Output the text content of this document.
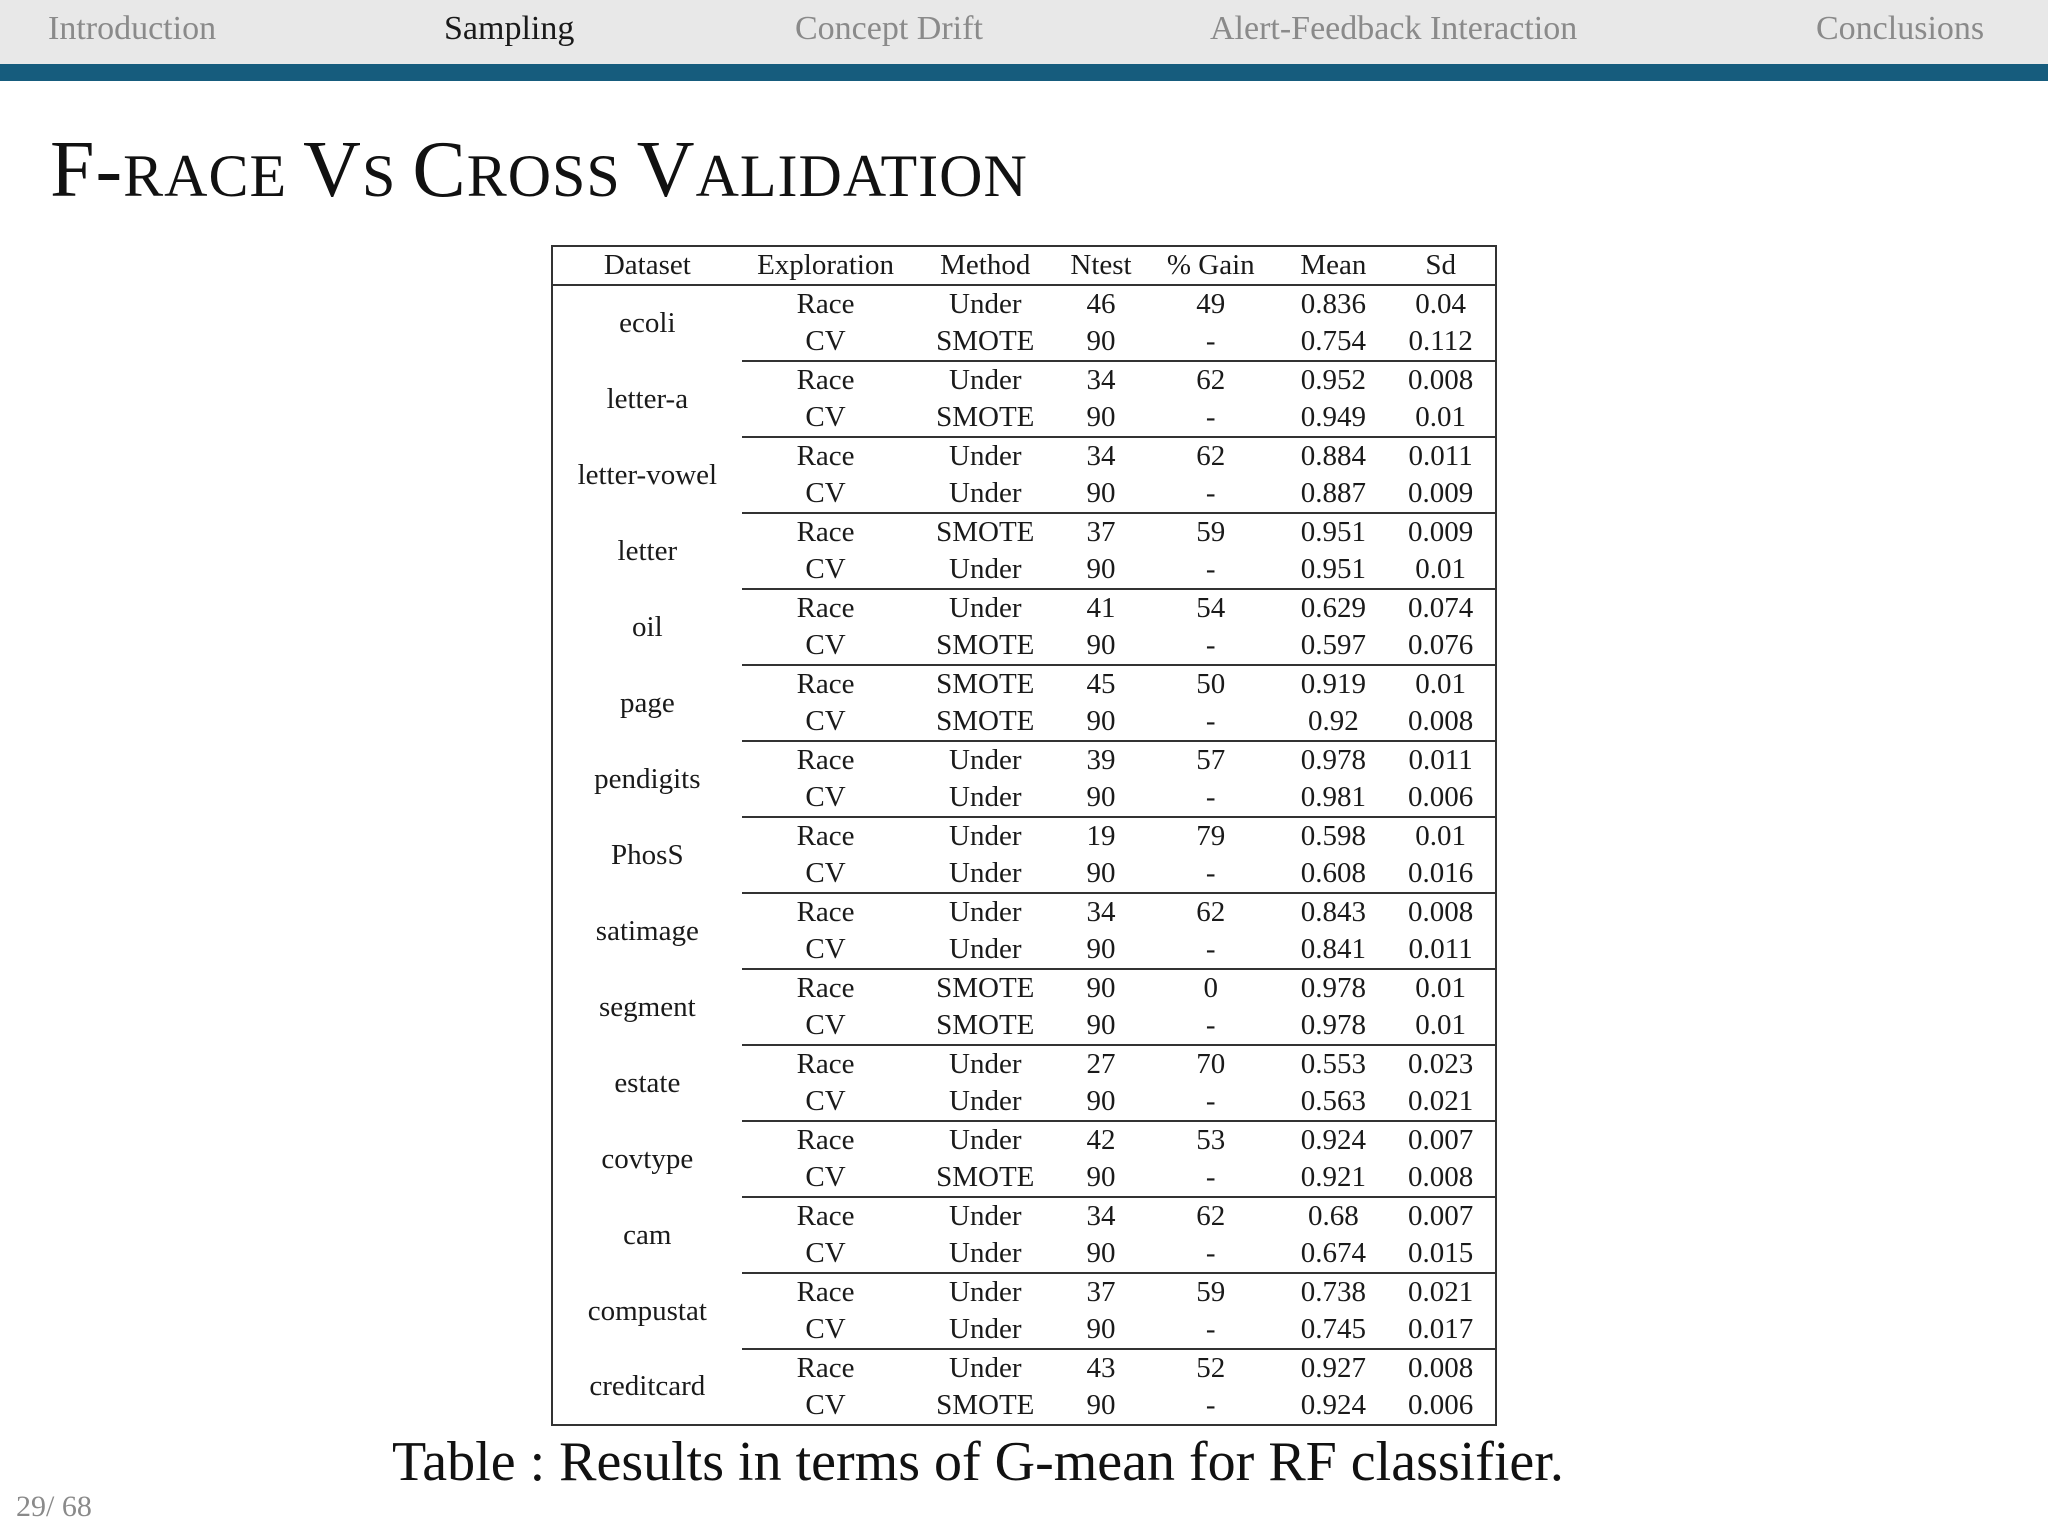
Introduction	Sampling	Concept Drift	Alert-Feedback Interaction	Conclusions
F-RACE VS CROSS VALIDATION
Dataset	Exploration	Method	Ntest	% Gain	Mean	Sd
ecoli	Race	Under	46	49	0.836	0.04
	CV	SMOTE	90	-	0.754	0.112
letter-a	Race	Under	34	62	0.952	0.008
	CV	SMOTE	90	-	0.949	0.01
letter-vowel	Race	Under	34	62	0.884	0.011
	CV	Under	90	-	0.887	0.009
letter	Race	SMOTE	37	59	0.951	0.009
	CV	Under	90	-	0.951	0.01
oil	Race	Under	41	54	0.629	0.074
	CV	SMOTE	90	-	0.597	0.076
page	Race	SMOTE	45	50	0.919	0.01
	CV	SMOTE	90	-	0.92	0.008
pendigits	Race	Under	39	57	0.978	0.011
	CV	Under	90	-	0.981	0.006
PhosS	Race	Under	19	79	0.598	0.01
	CV	Under	90	-	0.608	0.016
satimage	Race	Under	34	62	0.843	0.008
	CV	Under	90	-	0.841	0.011
segment	Race	SMOTE	90	0	0.978	0.01
	CV	SMOTE	90	-	0.978	0.01
estate	Race	Under	27	70	0.553	0.023
	CV	Under	90	-	0.563	0.021
covtype	Race	Under	42	53	0.924	0.007
	CV	SMOTE	90	-	0.921	0.008
cam	Race	Under	34	62	0.68	0.007
	CV	Under	90	-	0.674	0.015
compustat	Race	Under	37	59	0.738	0.021
	CV	Under	90	-	0.745	0.017
creditcard	Race	Under	43	52	0.927	0.008
	CV	SMOTE	90	-	0.924	0.006
Table : Results in terms of G-mean for RF classifier.
29/ 68
